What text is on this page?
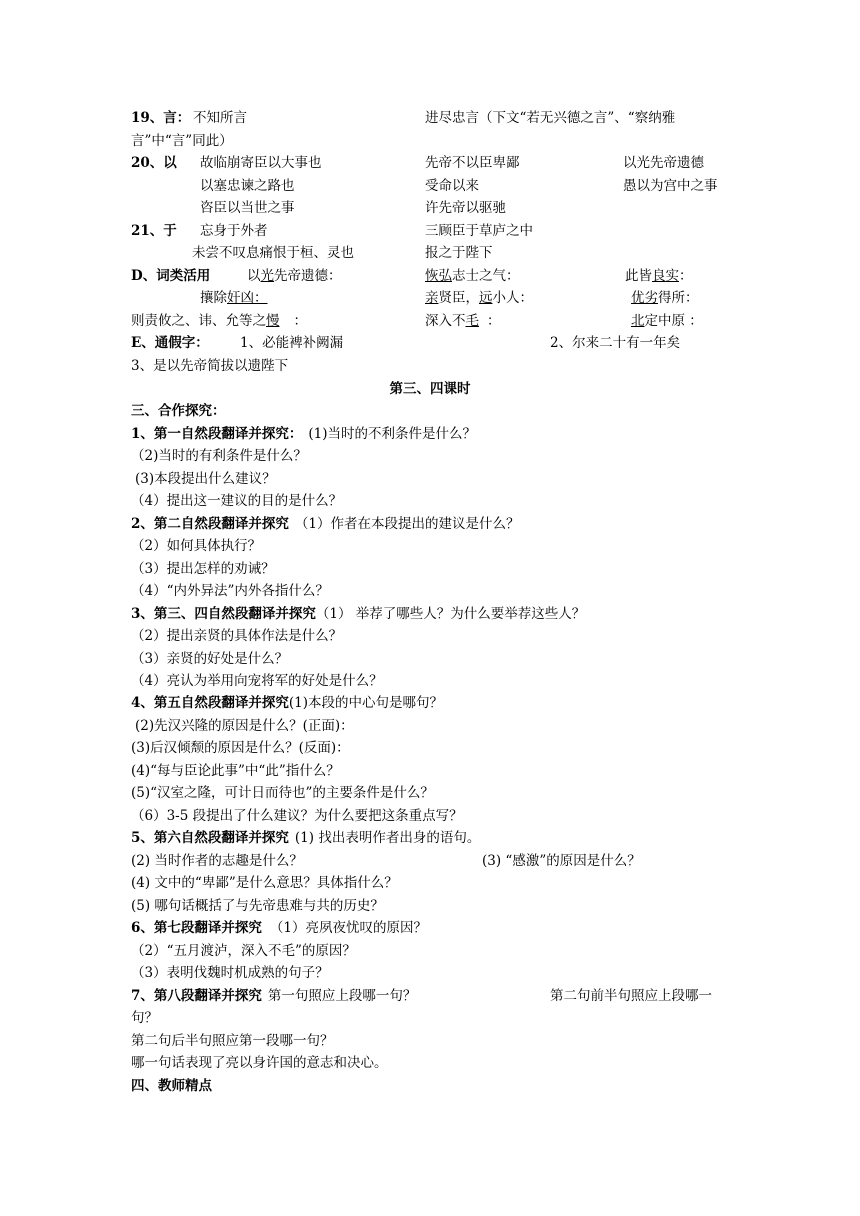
19、言： 不知所言	进尽忠言（下文“若无兴德之言”、“察纳雅
言”中“言”同此）
20、以 故临崩寄臣以大事也	先帝不以臣卑鄙	以光先帝遗德
以塞忠谏之路也	受命以来	愚以为宫中之事
咨臣以当世之事	许先帝以驱驰
21、于 忘身于外者	三顾臣于草庐之中
未尝不叹息痛恨于桓、灵也	报之于陛下
D、词类活用	以光先帝遗德：	恢弘志士之气：	此皆良实：
攘除奸凶：	亲贤臣，远小人：	优劣得所：
则责攸之、讳、允等之慢 ：	深入不毛 ：	北定中原 ：
E、通假字： 1、必能裨补阙漏	2、尔来二十有一年矣
3、是以先帝简拔以遗陛下
第三、四课时
三、合作探究：
1、第一自然段翻译并探究： (1)当时的不利条件是什么？
（2)当时的有利条件是什么？
(3)本段提出什么建议？
（4）提出这一建议的目的是什么？
2、第二自然段翻译并探究 （1）作者在本段提出的建议是什么？
（2）如何具体执行？
（3）提出怎样的劝诫？
（4）“内外异法”内外各指什么？
3、第三、四自然段翻译并探究（1） 举荐了哪些人？为什么要举荐这些人？
（2）提出亲贤的具体作法是什么？
（3）亲贤的好处是什么？
（4）亮认为举用向宠将军的好处是什么？
4、第五自然段翻译并探究(1)本段的中心句是哪句？
(2)先汉兴隆的原因是什么？(正面)：
(3)后汉倾颓的原因是什么？(反面)：
(4)“每与臣论此事”中“此”指什么？
(5)“汉室之隆，可计日而待也”的主要条件是什么？
（6）3-5 段提出了什么建议？为什么要把这条重点写？
5、第六自然段翻译并探究 (1) 找出表明作者出身的语句。
(2) 当时作者的志趣是什么？	(3) “感激”的原因是什么？
(4) 文中的“卑鄙”是什么意思？具体指什么？
(5) 哪句话概括了与先帝患难与共的历史？
6、第七段翻译并探究 （1）亮夙夜忧叹的原因？
（2）“五月渡泸，深入不毛”的原因？
（3）表明伐魏时机成熟的句子？
7、第八段翻译并探究 第一句照应上段哪一句？	第二句前半句照应上段哪一
句？
第二句后半句照应第一段哪一句？
哪一句话表现了亮以身许国的意志和决心。
四、教师精点
